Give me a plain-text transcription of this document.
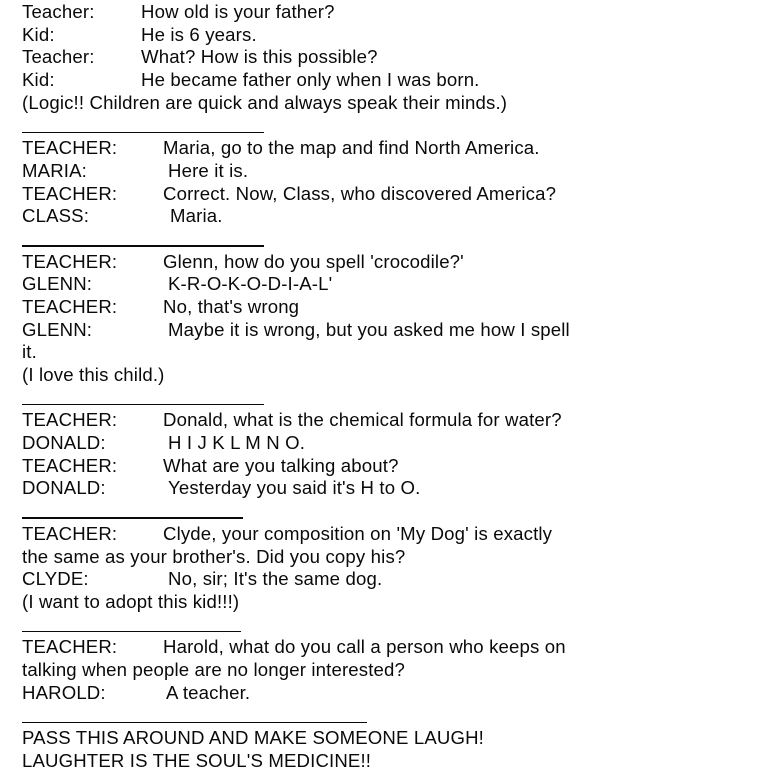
Teacher:	How old is your father?
Kid:	He is 6 years.
Teacher:	What? How is this possible?
Kid:	He became father only when I was born.
(Logic!! Children are quick and always speak their minds.)
TEACHER:	Maria, go to the map and find North America.
MARIA:	Here it is.
TEACHER:	Correct. Now, Class, who discovered America?
CLASS:	Maria.
TEACHER:	Glenn, how do you spell 'crocodile?'
GLENN:	K-R-O-K-O-D-I-A-L'
TEACHER:	No, that's wrong
GLENN:	Maybe it is wrong, but you asked me how I spell
it.
(I love this child.)
TEACHER:	Donald, what is the chemical formula for water?
DONALD:	H I J K L M N O.
TEACHER:	What are you talking about?
DONALD:	Yesterday you said it's H to O.
TEACHER:	Clyde, your composition on 'My Dog' is exactly
the same as your brother's. Did you copy his?
CLYDE:	No, sir; It's the same dog.
(I want to adopt this kid!!!)
TEACHER:	Harold, what do you call a person who keeps on
talking when people are no longer interested?
HAROLD:	A teacher.
PASS THIS AROUND AND MAKE SOMEONE LAUGH!
LAUGHTER IS THE SOUL'S MEDICINE!!
